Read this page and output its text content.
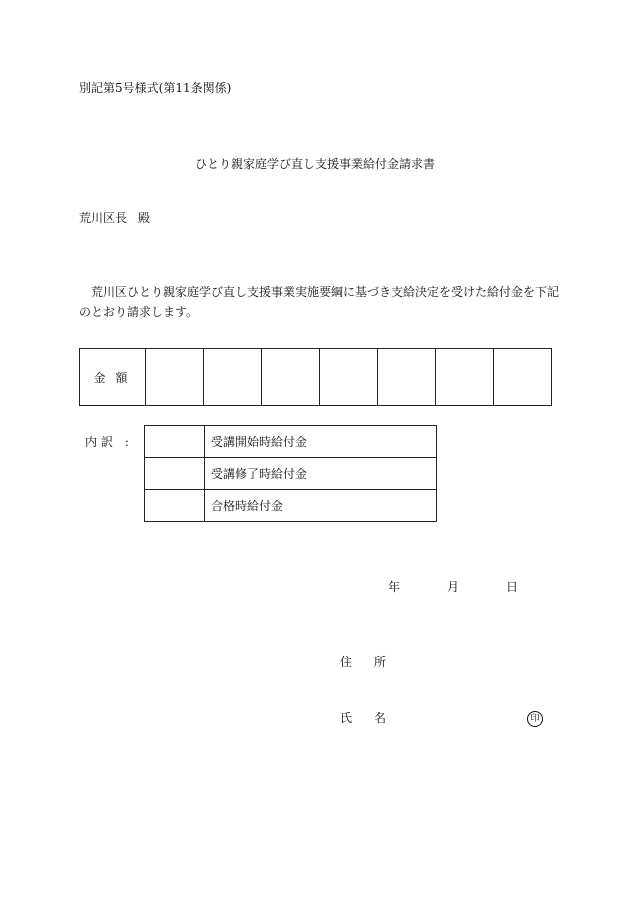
別記第5号様式(第11条関係)
ひとり親家庭学び直し支援事業給付金請求書
荒川区長 殿
荒川区ひとり親家庭学び直し支援事業実施要綱に基づき支給決定を受けた給付金を下記
のとおり請求します。
金額
内訳 :
		受講開始時給付金
	受講修了時給付金
	合格時給付金
年	月	日
住所
氏名	印
